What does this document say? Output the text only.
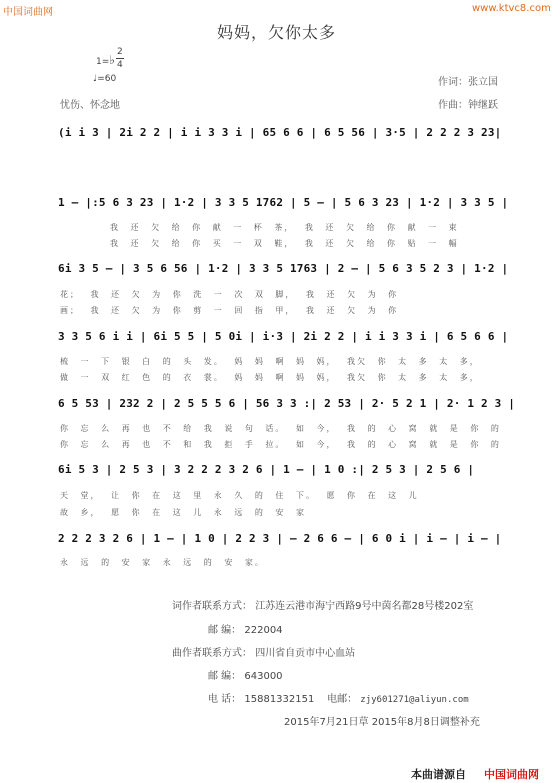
中国词曲网	www.ktvc8.com
妈妈，欠你太多
1=♭
2
4
♩=60
忧伤、怀念地
作词：张立国
作曲：钟继跃
(i i 3 | 2i 2 2 | i i 3 3 i | 65 6 6 | 6 5 56 | 3·5 | 2 2 2 3 23|
1 – |:5 6 3 23 | 1·2 | 3 3 5 1762 | 5 – | 5 6 3 23 | 1·2 | 3 3 5 |
我 还 欠 给 你 献 一 杯 茶， 我 还 欠 给 你 献 一 束
我 还 欠 给 你 买 一 双 鞋， 我 还 欠 给 你 贴 一 幅
6i 3 5 – | 3 5 6 56 | 1·2 | 3 3 5 1763 | 2 – | 5 6 3 5 2 3 | 1·2 |
花； 我 还 欠 为 你 洗 一 次 双 脚， 我 还 欠 为 你
画； 我 还 欠 为 你 剪 一 回 指 甲， 我 还 欠 为 你
3 3 5 6 i i | 6i 5 5 | 5 0i | i·3 | 2i 2 2 | i i 3 3 i | 6 5 6 6 |
梳 一 下 银 白 的 头 发。 妈 妈 啊 妈 妈， 我欠 你 太 多 太 多，
做 一 双 红 色 的 衣 裳。 妈 妈 啊 妈 妈， 我欠 你 太 多 太 多，
6 5 53 | 232 2 | 2 5 5 5 6 | 56 3 3 :| 2 53 | 2· 5 2 1 | 2· 1 2 3 |
你 忘 么 再 也 不 给 我 说 句 话。 如 今， 我 的 心 窝 就 是 你 的
你 忘 么 再 也 不 和 我 拒 手 拉。 如 今， 我 的 心 窝 就 是 你 的
6i 5 3 | 2 5 3 | 3 2 2 2 3 2 6 | 1 – | 1 0 :| 2 5 3 | 2 5 6 |
天 堂， 让 你 在 这 里 永 久 的 住 下。 愿 你 在 这 儿
故 乡， 愿 你 在 这 儿 永 远 的 安 家
2 2 2 3 2 6 | 1 – | 1 0 | 2 2 3 | – 2 6 6 – | 6 0 i | i – | i – |
永 远 的 安 家 永 远 的 安 家。
词作者联系方式： 江苏连云港市海宁西路9号中茵名都28号楼202室
邮 编： 222004
曲作者联系方式： 四川省自贡市中心血站
邮 编： 643000
电 话： 15881332151 电邮： zjy601271@aliyun.com
2015年7月21日草 2015年8月8日调整补充
本曲谱源自 中国词曲网
